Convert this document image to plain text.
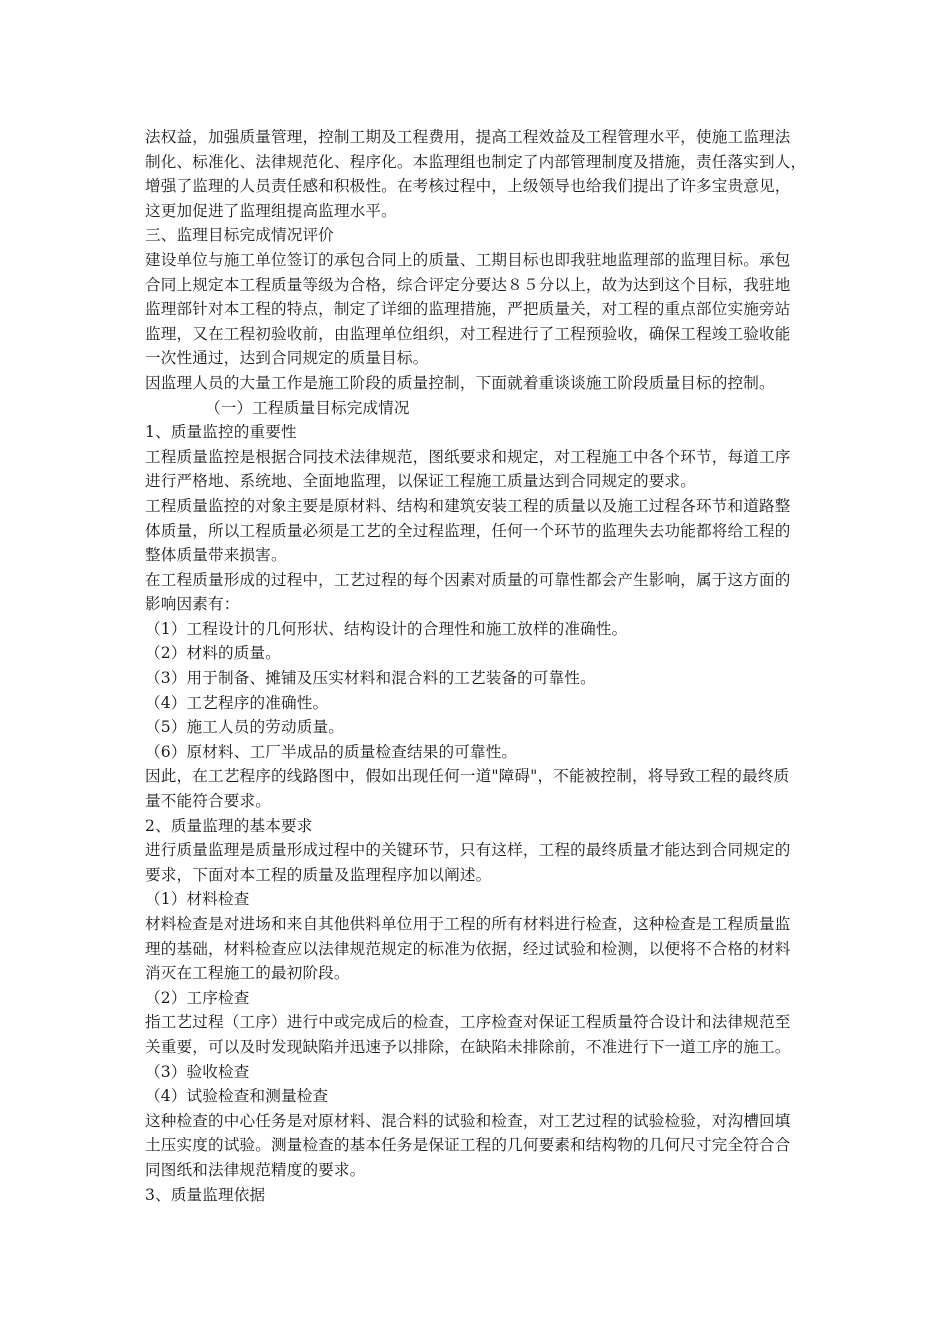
法权益，加强质量管理，控制工期及工程费用，提高工程效益及工程管理水平，使施工监理法
制化、标准化、法律规范化、程序化。本监理组也制定了内部管理制度及措施，责任落实到人，
增强了监理的人员责任感和积极性。在考核过程中，上级领导也给我们提出了许多宝贵意见，
这更加促进了监理组提高监理水平。
三、监理目标完成情况评价
建设单位与施工单位签订的承包合同上的质量、工期目标也即我驻地监理部的监理目标。承包
合同上规定本工程质量等级为合格，综合评定分要达８５分以上，故为达到这个目标，我驻地
监理部针对本工程的特点，制定了详细的监理措施，严把质量关，对工程的重点部位实施旁站
监理，又在工程初验收前，由监理单位组织，对工程进行了工程预验收，确保工程竣工验收能
一次性通过，达到合同规定的质量目标。
因监理人员的大量工作是施工阶段的质量控制，下面就着重谈谈施工阶段质量目标的控制。
（一）工程质量目标完成情况
1、质量监控的重要性
工程质量监控是根据合同技术法律规范，图纸要求和规定，对工程施工中各个环节，每道工序
进行严格地、系统地、全面地监理，以保证工程施工质量达到合同规定的要求。
工程质量监控的对象主要是原材料、结构和建筑安装工程的质量以及施工过程各环节和道路整
体质量，所以工程质量必须是工艺的全过程监理，任何一个环节的监理失去功能都将给工程的
整体质量带来损害。
在工程质量形成的过程中，工艺过程的每个因素对质量的可靠性都会产生影响，属于这方面的
影响因素有：
（1）工程设计的几何形状、结构设计的合理性和施工放样的准确性。
（2）材料的质量。
（3）用于制备、摊铺及压实材料和混合料的工艺装备的可靠性。
（4）工艺程序的准确性。
（5）施工人员的劳动质量。
（6）原材料、工厂半成品的质量检查结果的可靠性。
因此，在工艺程序的线路图中，假如出现任何一道"障碍"，不能被控制，将导致工程的最终质
量不能符合要求。
2、质量监理的基本要求
进行质量监理是质量形成过程中的关键环节，只有这样，工程的最终质量才能达到合同规定的
要求，下面对本工程的质量及监理程序加以阐述。
（1）材料检查
材料检查是对进场和来自其他供料单位用于工程的所有材料进行检查，这种检查是工程质量监
理的基础，材料检查应以法律规范规定的标准为依据，经过试验和检测，以便将不合格的材料
消灭在工程施工的最初阶段。
（2）工序检查
指工艺过程（工序）进行中或完成后的检查，工序检查对保证工程质量符合设计和法律规范至
关重要，可以及时发现缺陷并迅速予以排除，在缺陷未排除前，不准进行下一道工序的施工。
（3）验收检查
（4）试验检查和测量检查
这种检查的中心任务是对原材料、混合料的试验和检查，对工艺过程的试验检验，对沟槽回填
土压实度的试验。测量检查的基本任务是保证工程的几何要素和结构物的几何尺寸完全符合合
同图纸和法律规范精度的要求。
3、质量监理依据
